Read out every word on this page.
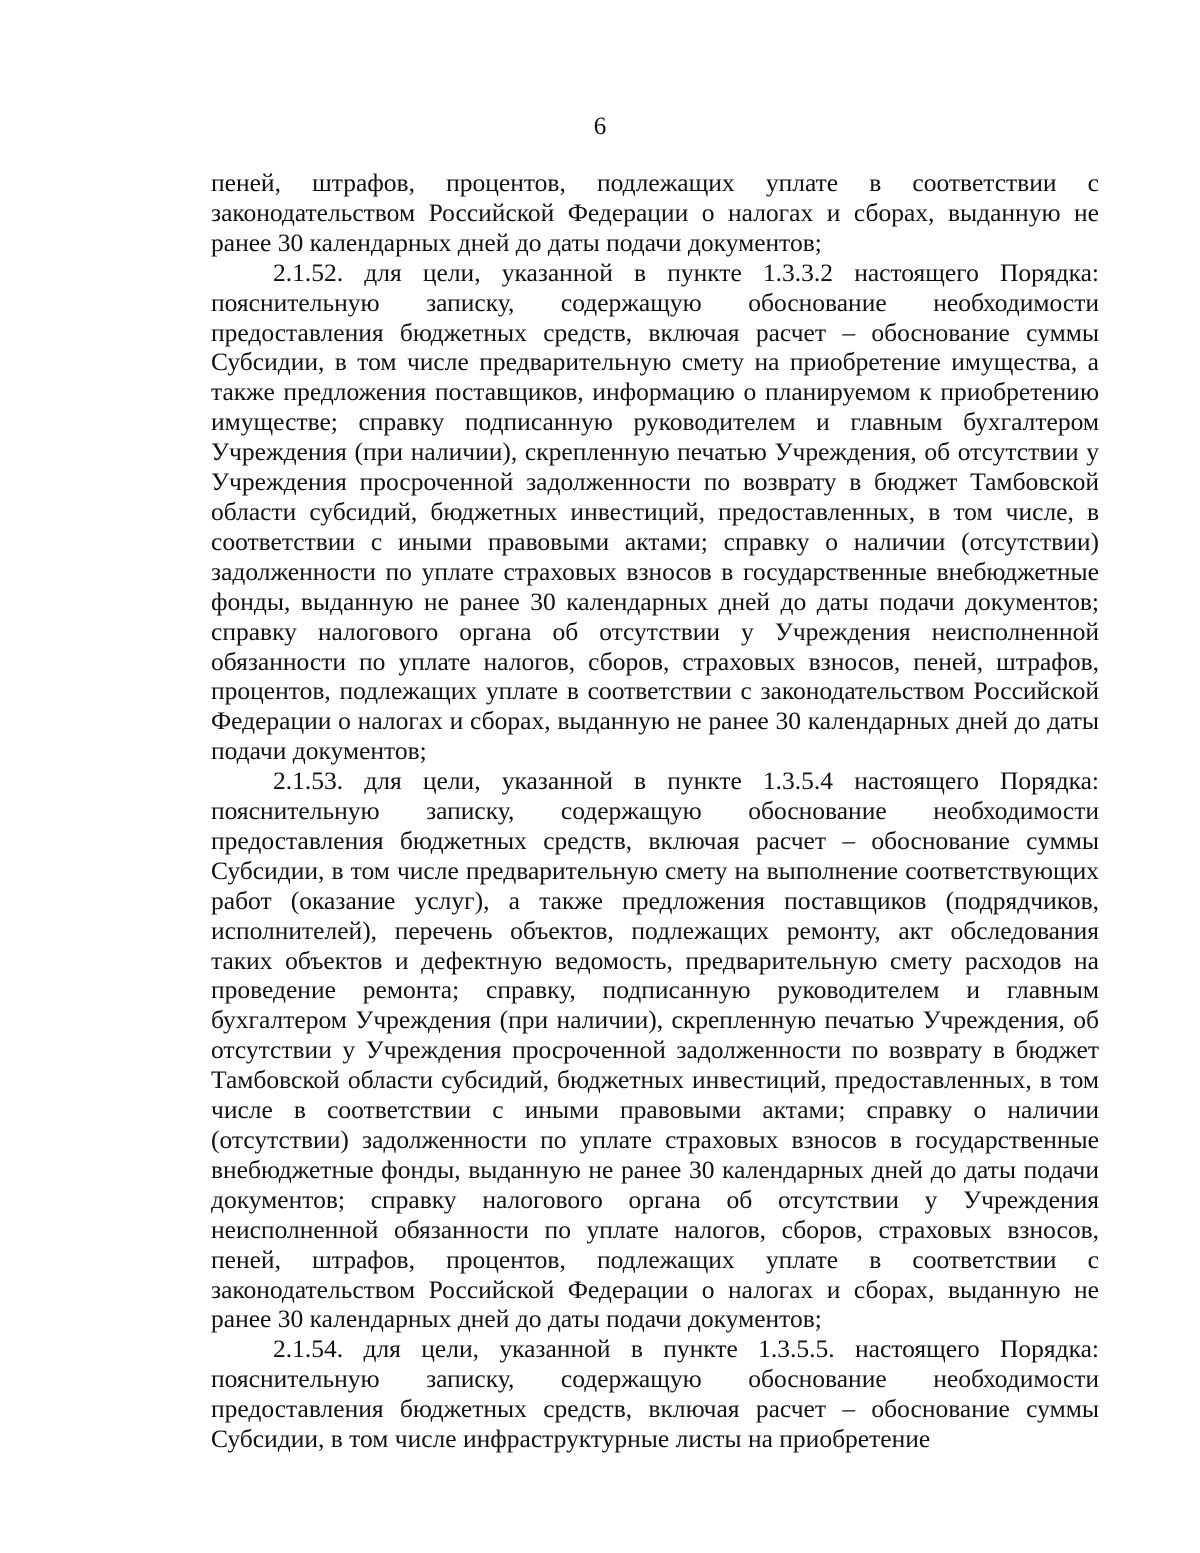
6

пеней, штрафов, процентов, подлежащих уплате в соответствии с законодательством Российской Федерации о налогах и сборах, выданную не ранее 30 календарных дней до даты подачи документов;

2.1.52. для цели, указанной в пункте 1.3.3.2 настоящего Порядка: пояснительную записку, содержащую обоснование необходимости предоставления бюджетных средств, включая расчет – обоснование суммы Субсидии, в том числе предварительную смету на приобретение имущества, а также предложения поставщиков, информацию о планируемом к приобретению имуществе; справку подписанную руководителем и главным бухгалтером Учреждения (при наличии), скрепленную печатью Учреждения, об отсутствии у Учреждения просроченной задолженности по возврату в бюджет Тамбовской области субсидий, бюджетных инвестиций, предоставленных, в том числе, в соответствии с иными правовыми актами; справку о наличии (отсутствии) задолженности по уплате страховых взносов в государственные внебюджетные фонды, выданную не ранее 30 календарных дней до даты подачи документов; справку налогового органа об отсутствии у Учреждения неисполненной обязанности по уплате налогов, сборов, страховых взносов, пеней, штрафов, процентов, подлежащих уплате в соответствии с законодательством Российской Федерации о налогах и сборах, выданную не ранее 30 календарных дней до даты подачи документов;

2.1.53. для цели, указанной в пункте 1.3.5.4 настоящего Порядка: пояснительную записку, содержащую обоснование необходимости предоставления бюджетных средств, включая расчет – обоснование суммы Субсидии, в том числе предварительную смету на выполнение соответствующих работ (оказание услуг), а также предложения поставщиков (подрядчиков, исполнителей), перечень объектов, подлежащих ремонту, акт обследования таких объектов и дефектную ведомость, предварительную смету расходов на проведение ремонта; справку, подписанную руководителем и главным бухгалтером Учреждения (при наличии), скрепленную печатью Учреждения, об отсутствии у Учреждения просроченной задолженности по возврату в бюджет Тамбовской области субсидий, бюджетных инвестиций, предоставленных, в том числе в соответствии с иными правовыми актами; справку о наличии (отсутствии) задолженности по уплате страховых взносов в государственные внебюджетные фонды, выданную не ранее 30 календарных дней до даты подачи документов; справку налогового органа об отсутствии у Учреждения неисполненной обязанности по уплате налогов, сборов, страховых взносов, пеней, штрафов, процентов, подлежащих уплате в соответствии с законодательством Российской Федерации о налогах и сборах, выданную не ранее 30 календарных дней до даты подачи документов;

2.1.54. для цели, указанной в пункте 1.3.5.5. настоящего Порядка: пояснительную записку, содержащую обоснование необходимости предоставления бюджетных средств, включая расчет – обоснование суммы Субсидии, в том числе инфраструктурные листы на приобретение
